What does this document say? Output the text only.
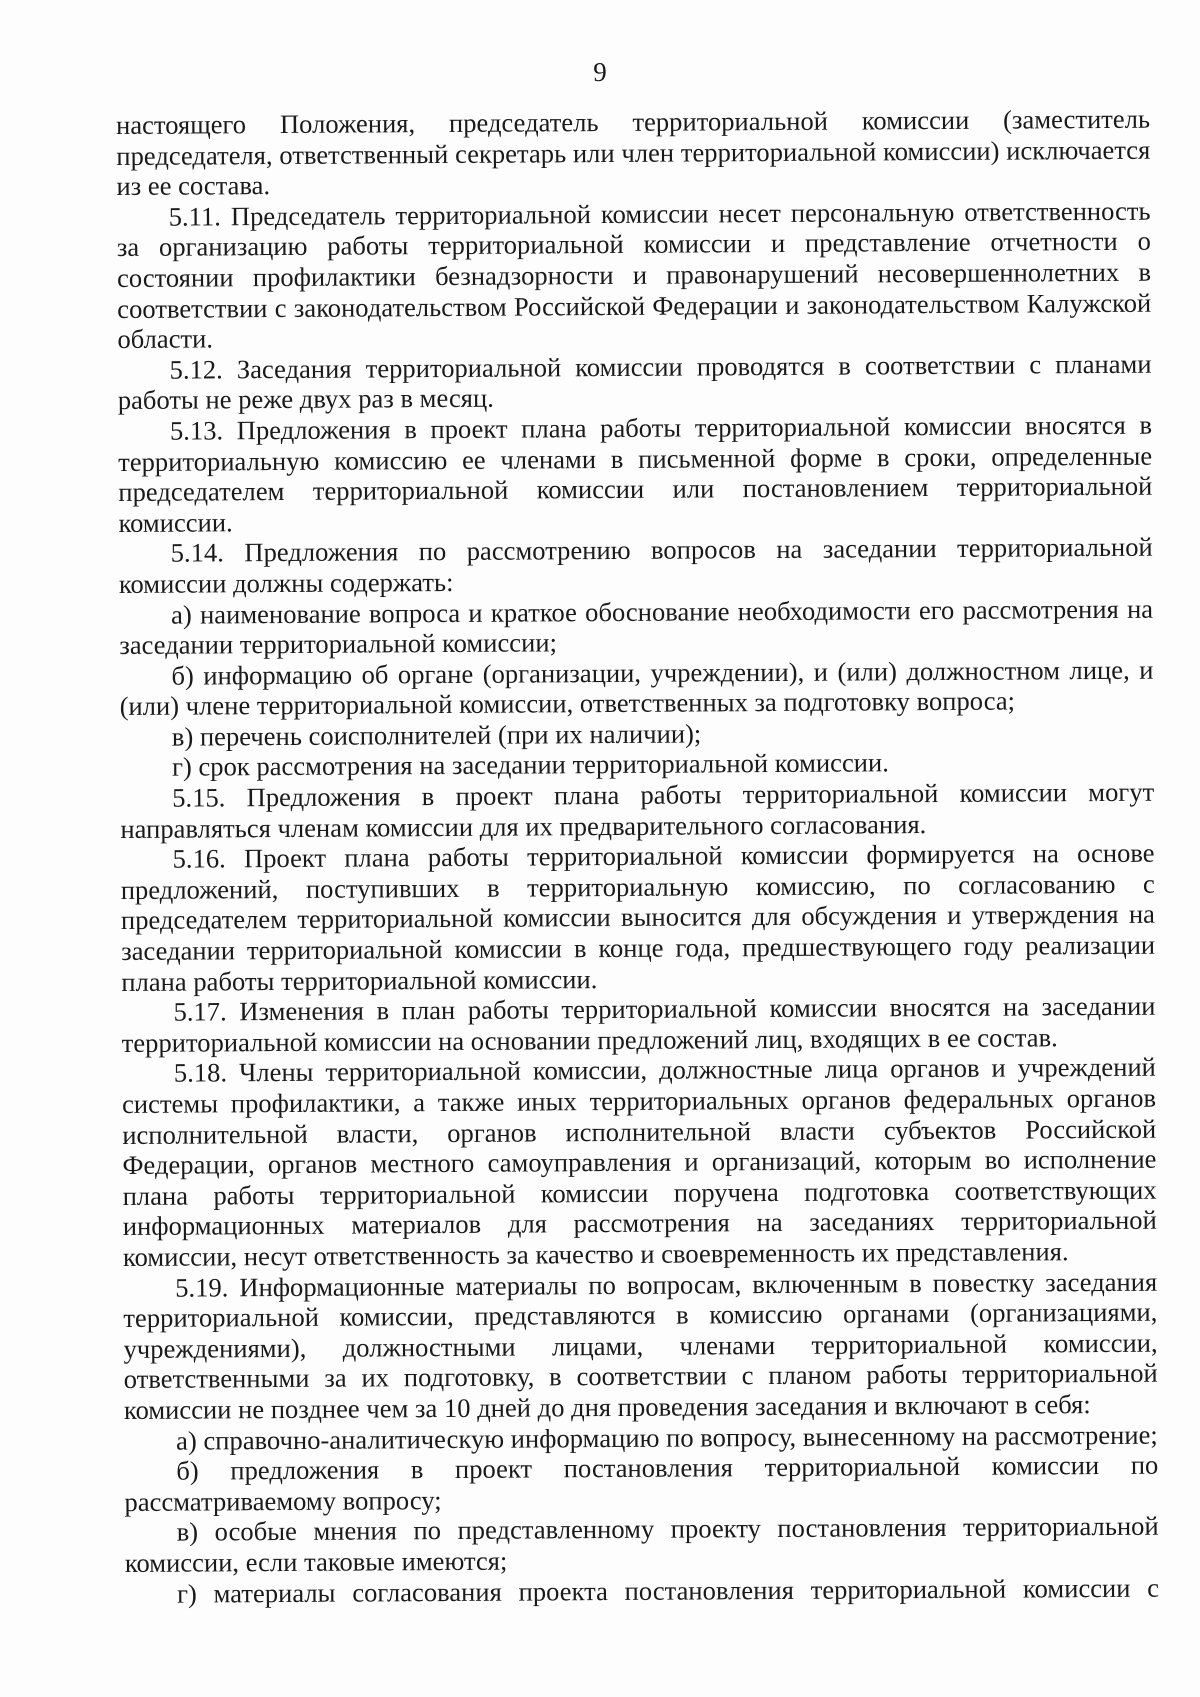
9

настоящего Положения, председатель территориальной комиссии (заместитель председателя, ответственный секретарь или член территориальной комиссии) исключается из ее состава.

5.11. Председатель территориальной комиссии несет персональную ответственность за организацию работы территориальной комиссии и представление отчетности о состоянии профилактики безнадзорности и правонарушений несовершеннолетних в соответствии с законодательством Российской Федерации и законодательством Калужской области.

5.12. Заседания территориальной комиссии проводятся в соответствии с планами работы не реже двух раз в месяц.

5.13. Предложения в проект плана работы территориальной комиссии вносятся в территориальную комиссию ее членами в письменной форме в сроки, определенные председателем территориальной комиссии или постановлением территориальной комиссии.

5.14. Предложения по рассмотрению вопросов на заседании территориальной комиссии должны содержать:

а) наименование вопроса и краткое обоснование необходимости его рассмотрения на заседании территориальной комиссии;

б) информацию об органе (организации, учреждении), и (или) должностном лице, и (или) члене территориальной комиссии, ответственных за подготовку вопроса;

в) перечень соисполнителей (при их наличии);

г) срок рассмотрения на заседании территориальной комиссии.

5.15. Предложения в проект плана работы территориальной комиссии могут направляться членам комиссии для их предварительного согласования.

5.16. Проект плана работы территориальной комиссии формируется на основе предложений, поступивших в территориальную комиссию, по согласованию с председателем территориальной комиссии выносится для обсуждения и утверждения на заседании территориальной комиссии в конце года, предшествующего году реализации плана работы территориальной комиссии.

5.17. Изменения в план работы территориальной комиссии вносятся на заседании территориальной комиссии на основании предложений лиц, входящих в ее состав.

5.18. Члены территориальной комиссии, должностные лица органов и учреждений системы профилактики, а также иных территориальных органов федеральных органов исполнительной власти, органов исполнительной власти субъектов Российской Федерации, органов местного самоуправления и организаций, которым во исполнение плана работы территориальной комиссии поручена подготовка соответствующих информационных материалов для рассмотрения на заседаниях территориальной комиссии, несут ответственность за качество и своевременность их представления.

5.19. Информационные материалы по вопросам, включенным в повестку заседания территориальной комиссии, представляются в комиссию органами (организациями, учреждениями), должностными лицами, членами территориальной комиссии, ответственными за их подготовку, в соответствии с планом работы территориальной комиссии не позднее чем за 10 дней до дня проведения заседания и включают в себя:

а) справочно-аналитическую информацию по вопросу, вынесенному на рассмотрение;

б) предложения в проект постановления территориальной комиссии по рассматриваемому вопросу;

в) особые мнения по представленному проекту постановления территориальной комиссии, если таковые имеются;

г) материалы согласования проекта постановления территориальной комиссии с
